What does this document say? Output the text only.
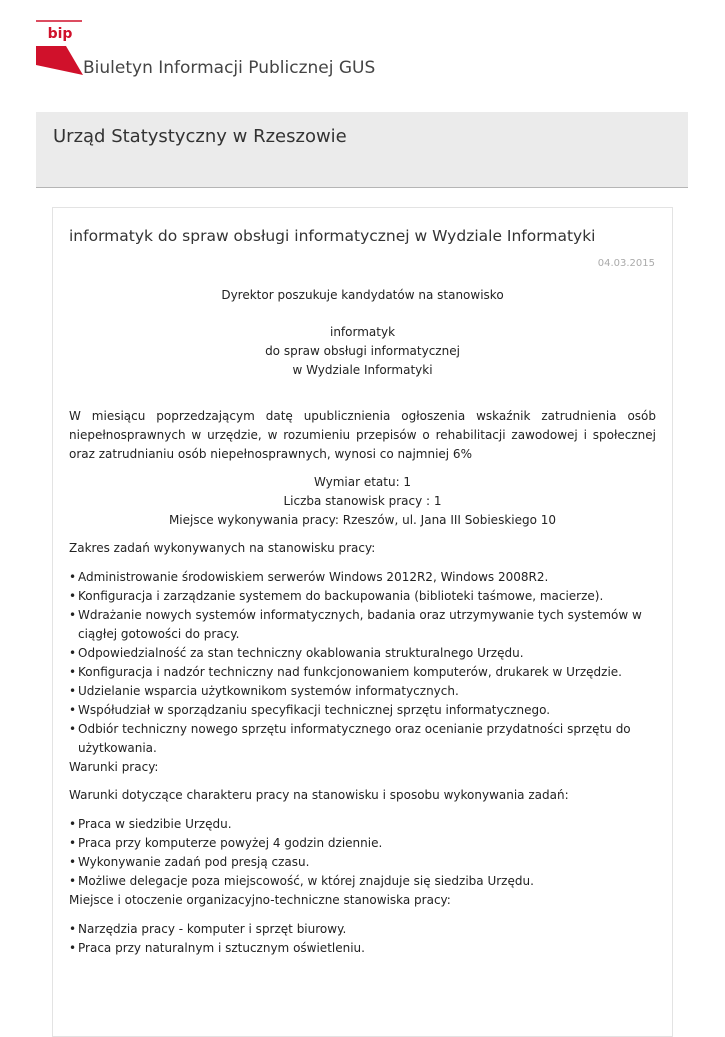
bip
Biuletyn Informacji Publicznej GUS
Urząd Statystyczny w Rzeszowie
informatyk do spraw obsługi informatycznej w Wydziale Informatyki
04.03.2015

Dyrektor poszukuje kandydatów na stanowisko

informatyk
do spraw obsługi informatycznej
w Wydziale Informatyki

W miesiącu poprzedzającym datę upublicznienia ogłoszenia wskaźnik zatrudnienia osób niepełnosprawnych w urzędzie, w rozumieniu przepisów o rehabilitacji zawodowej i społecznej oraz zatrudnianiu osób niepełnosprawnych, wynosi co najmniej 6%

Wymiar etatu: 1
Liczba stanowisk pracy : 1
Miejsce wykonywania pracy: Rzeszów, ul. Jana III Sobieskiego 10

Zakres zadań wykonywanych na stanowisku pracy:

• Administrowanie środowiskiem serwerów Windows 2012R2, Windows 2008R2.
• Konfiguracja i zarządzanie systemem do backupowania (biblioteki taśmowe, macierze).
• Wdrażanie nowych systemów informatycznych, badania oraz utrzymywanie tych systemów w ciągłej gotowości do pracy.
• Odpowiedzialność za stan techniczny okablowania strukturalnego Urzędu.
• Konfiguracja i nadzór techniczny nad funkcjonowaniem komputerów, drukarek w Urzędzie.
• Udzielanie wsparcia użytkownikom systemów informatycznych.
• Współudział w sporządzaniu specyfikacji technicznej sprzętu informatycznego.
• Odbiór techniczny nowego sprzętu informatycznego oraz ocenianie przydatności sprzętu do użytkowania.

Warunki pracy:

Warunki dotyczące charakteru pracy na stanowisku i sposobu wykonywania zadań:

• Praca w siedzibie Urzędu.
• Praca przy komputerze powyżej 4 godzin dziennie.
• Wykonywanie zadań pod presją czasu.
• Możliwe delegacje poza miejscowość, w której znajduje się siedziba Urzędu.

Miejsce i otoczenie organizacyjno-techniczne stanowiska pracy:

• Narzędzia pracy - komputer i sprzęt biurowy.
• Praca przy naturalnym i sztucznym oświetleniu.
